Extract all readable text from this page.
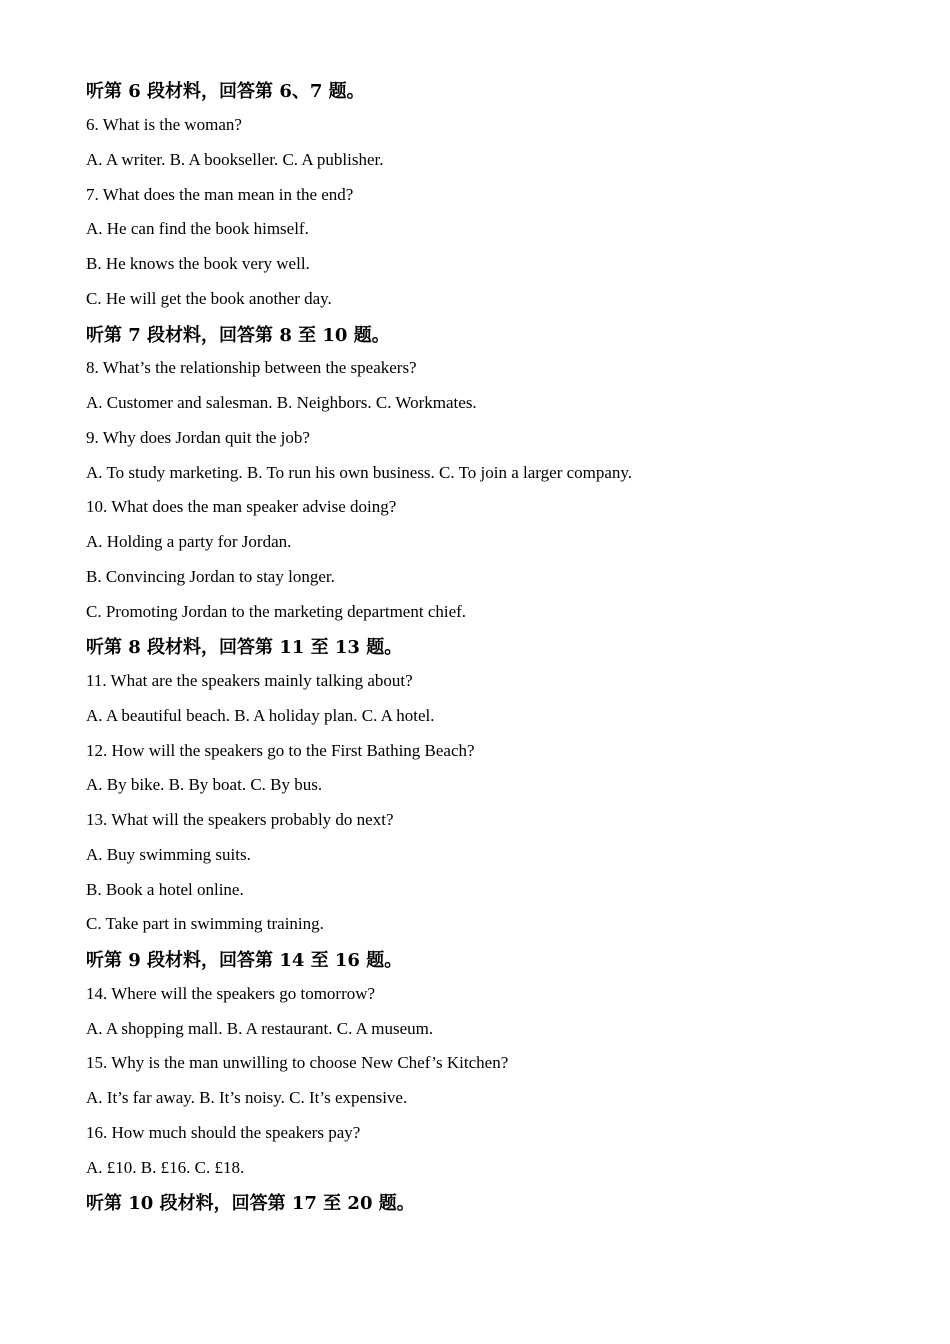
听第 6 段材料，回答第 6、7 题。
6. What is the woman?
A. A writer. B. A bookseller. C. A publisher.
7. What does the man mean in the end?
A. He can find the book himself.
B. He knows the book very well.
C. He will get the book another day.
听第 7 段材料，回答第 8 至 10 题。
8. What’s the relationship between the speakers?
A. Customer and salesman. B. Neighbors. C. Workmates.
9. Why does Jordan quit the job?
A. To study marketing. B. To run his own business. C. To join a larger company.
10. What does the man speaker advise doing?
A. Holding a party for Jordan.
B. Convincing Jordan to stay longer.
C. Promoting Jordan to the marketing department chief.
听第 8 段材料，回答第 11 至 13 题。
11. What are the speakers mainly talking about?
A. A beautiful beach. B. A holiday plan. C. A hotel.
12. How will the speakers go to the First Bathing Beach?
A. By bike. B. By boat. C. By bus.
13. What will the speakers probably do next?
A. Buy swimming suits.
B. Book a hotel online.
C. Take part in swimming training.
听第 9 段材料，回答第 14 至 16 题。
14. Where will the speakers go tomorrow?
A. A shopping mall. B. A restaurant. C. A museum.
15. Why is the man unwilling to choose New Chef’s Kitchen?
A. It’s far away. B. It’s noisy. C. It’s expensive.
16. How much should the speakers pay?
A. £10. B. £16. C. £18.
听第 10 段材料，回答第 17 至 20 题。
